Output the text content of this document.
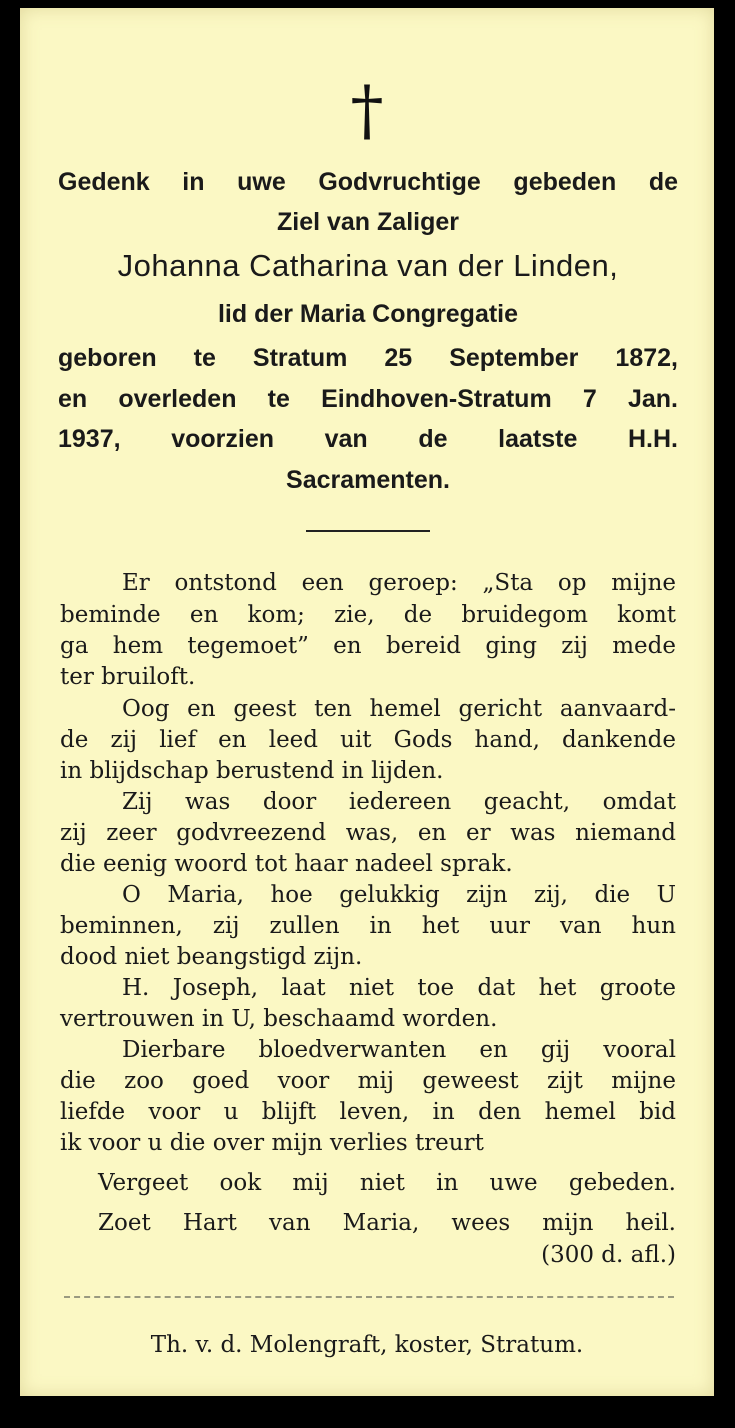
†
Gedenk in uwe Godvruchtige gebeden de
Ziel van Zaliger
Johanna Catharina van der Linden,
lid der Maria Congregatie
geboren te Stratum 25 September 1872,
en overleden te Eindhoven-Stratum 7 Jan.
1937, voorzien van de laatste H.H.
Sacramenten.
Er ontstond een geroep: „Sta op mijne
beminde en kom; zie, de bruidegom komt
ga hem tegemoet” en bereid ging zij mede
ter bruiloft.
Oog en geest ten hemel gericht aanvaard-
de zij lief en leed uit Gods hand, dankende
in blijdschap berustend in lijden.
Zij was door iedereen geacht, omdat
zij zeer godvreezend was, en er was niemand
die eenig woord tot haar nadeel sprak.
O Maria, hoe gelukkig zijn zij, die U
beminnen, zij zullen in het uur van hun
dood niet beangstigd zijn.
H. Joseph, laat niet toe dat het groote
vertrouwen in U, beschaamd worden.
Dierbare bloedverwanten en gij vooral
die zoo goed voor mij geweest zijt mijne
liefde voor u blijft leven, in den hemel bid
ik voor u die over mijn verlies treurt
Vergeet ook mij niet in uwe gebeden.
Zoet Hart van Maria, wees mijn heil.
(300 d. afl.)
Th. v. d. Molengraft, koster, Stratum.
